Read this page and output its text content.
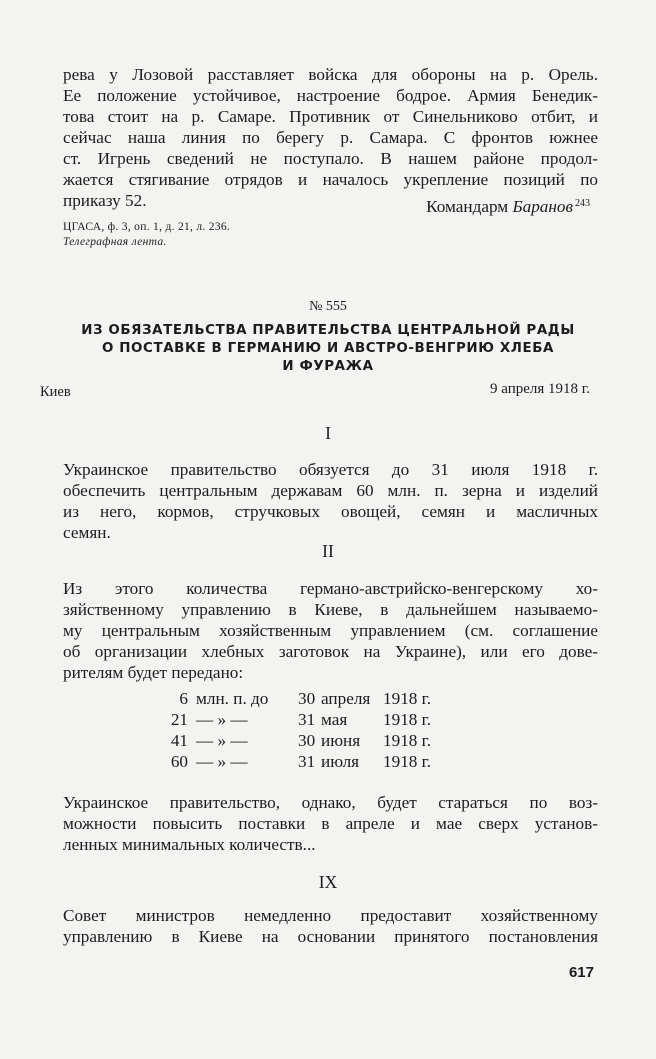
рева у Лозовой расставляет войска для обороны на р. Орель.
Ее положение устойчивое, настроение бодрое. Армия Бенедик-
това стоит на р. Самаре. Противник от Синельниково отбит, и
сейчас наша линия по берегу р. Самара. С фронтов южнее
ст. Игрень сведений не поступало. В нашем районе продол-
жается стягивание отрядов и началось укрепление позиций по
приказу 52.	Командарм Баранов $^{243}$
ЦГАСА, ф. 3, оп. 1, д. 21, л. 236.
Телеграфная лента.
№ 555
ИЗ ОБЯЗАТЕЛЬСТВА ПРАВИТЕЛЬСТВА ЦЕНТРАЛЬНОЙ РАДЫ
О ПОСТАВКЕ В ГЕРМАНИЮ И АВСТРО-ВЕНГРИЮ ХЛЕБА
И ФУРАЖА
Киев	9 апреля 1918 г.
I

Украинское правительство обязуется до 31 июля 1918 г.
обеспечить центральным державам 60 млн. п. зерна и изделий
из него, кормов, стручковых овощей, семян и масличных
семян.

II

Из этого количества германо-австрийско-венгерскому хо-
зяйственному управлению в Киеве, в дальнейшем называемо-
му центральным хозяйственным управлением (см. соглашение
об организации хлебных заготовок на Украине), или его дове-
рителям будет передано:

6 млн. п. до 30 апреля 1918 г.
21 — » —	31 мая 1918 г.
41 — » —	30 июня 1918 г.
60 — » —	31 июля 1918 г.

Украинское правительство, однако, будет стараться по воз-
можности повысить поставки в апреле и мае сверх установ-
ленных минимальных количеств...

IX

Совет министров немедленно предоставит хозяйственному
управлению в Киеве на основании принятого постановления

617
